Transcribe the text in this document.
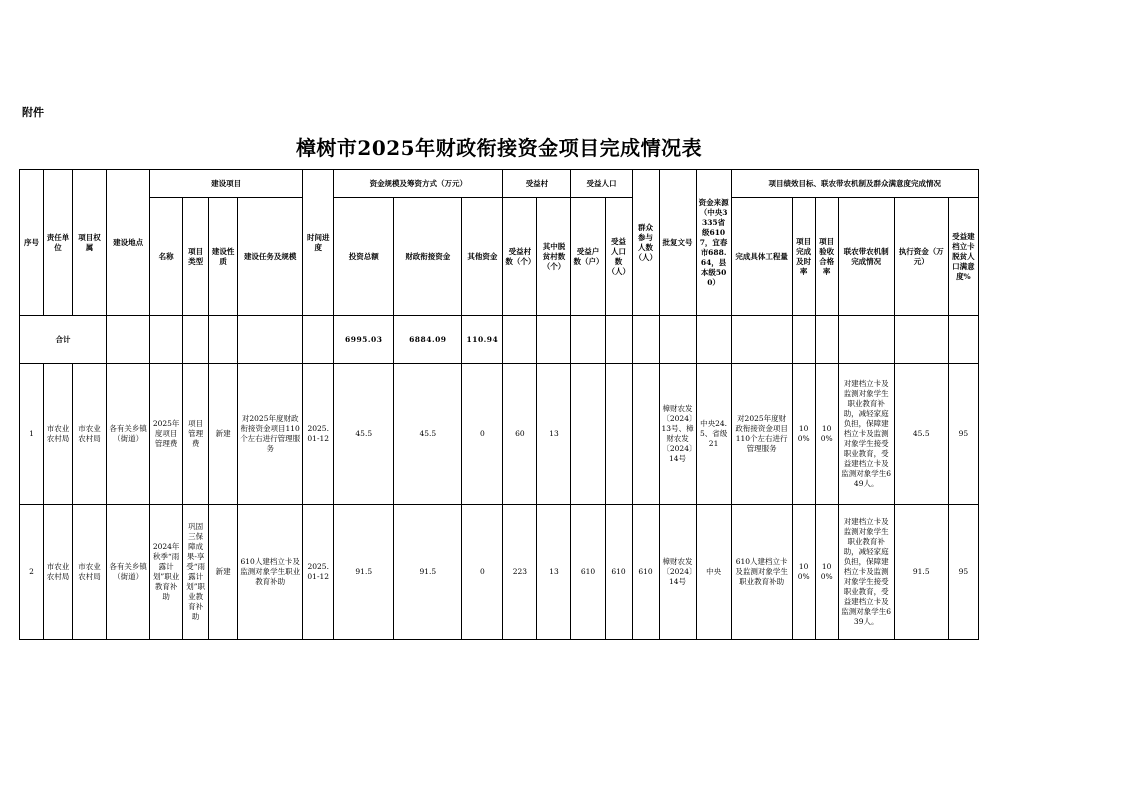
附件
樟树市2025年财政衔接资金项目完成情况表
序号	责任单位	项目权属	建设地点	建设项目				时间进度	资金规模及筹资方式（万元）			受益村		受益人口		群众参与人数（人）	批复文号	资金来源（中央3335省级6107，宜春市688.64，县本级500）	项目绩效目标、联农带农机制及群众满意度完成情况					
				名称	项目类型	建设性质	建设任务及规模		投资总额	财政衔接资金	其他资金	受益村数（个）	其中脱贫村数（个）	受益户数（户）	受益人口数（人）				完成具体工程量	项目完成及时率	项目验收合格率	联农带农机制完成情况	执行资金（万元）	受益建档立卡脱贫人口满意度%
合计									6995.03	6884.09	110.94													
1	市农业农村局	市农业农村局	各有关乡镇（街道）	2025年度项目管理费	项目管理费	新建	对2025年度财政衔接资金项目110个左右进行管理服务	2025.01-12	45.5	45.5	0	60	13				樟财农发〔2024〕13号、樟财农发〔2024〕14号	中央24.5、省级21	对2025年度财政衔接资金项目110个左右进行管理服务	100%	100%	对建档立卡及监测对象学生职业教育补助，减轻家庭负担，保障建档立卡及监测对象学生接受职业教育，受益建档立卡及监测对象学生649人。	45.5	95
2	市农业农村局	市农业农村局	各有关乡镇（街道）	2024年秋季“雨露计划”职业教育补助	巩固三保障成果-享受“雨露计划”职业教育补助	新建	610人建档立卡及监测对象学生职业教育补助	2025.01-12	91.5	91.5	0	223	13	610	610	610	樟财农发〔2024〕14号	中央	610人建档立卡及监测对象学生职业教育补助	100%	100%	对建档立卡及监测对象学生职业教育补助，减轻家庭负担，保障建档立卡及监测对象学生接受职业教育，受益建档立卡及监测对象学生639人。	91.5	95
